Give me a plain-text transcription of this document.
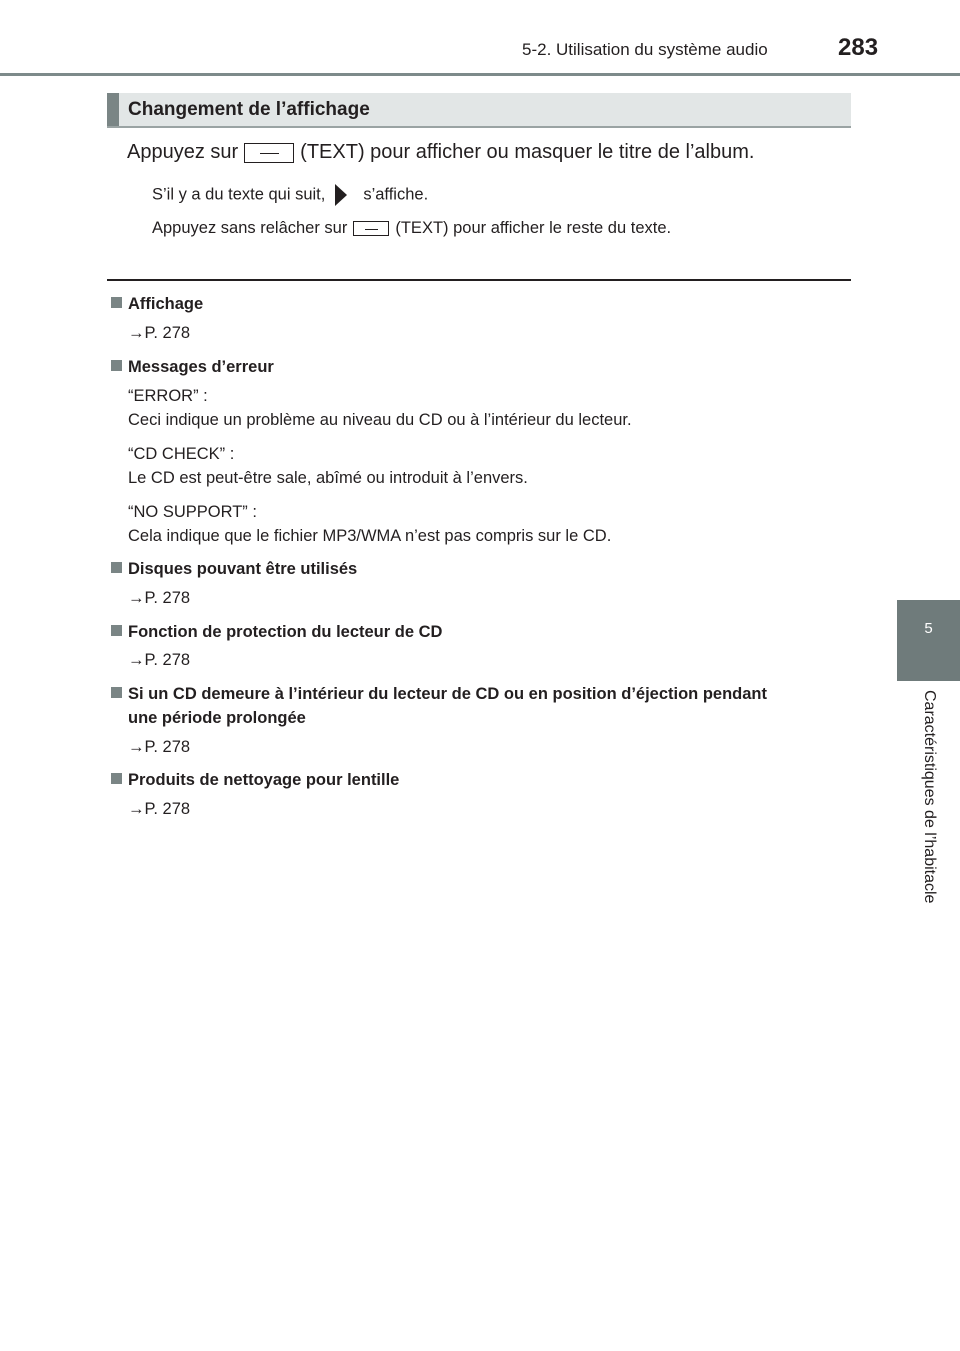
5-2. Utilisation du système audio	283
5
Caractéristiques de l’habitacle
Changement de l’affichage
Appuyez sur	(TEXT) pour afficher ou masquer le titre de l’album.
S’il y a du texte qui suit, s’affiche.
Appuyez sans relâcher sur	(TEXT) pour afficher le reste du texte.
Affichage
→P. 278
Messages d’erreur
“ERROR” :
Ceci indique un problème au niveau du CD ou à l’intérieur du lecteur.
“CD CHECK” :
Le CD est peut-être sale, abîmé ou introduit à l’envers.
“NO SUPPORT” :
Cela indique que le fichier MP3/WMA n’est pas compris sur le CD.
Disques pouvant être utilisés
→P. 278
Fonction de protection du lecteur de CD
→P. 278
Si un CD demeure à l’intérieur du lecteur de CD ou en position d’éjection pendant
une période prolongée
→P. 278
Produits de nettoyage pour lentille
→P. 278
